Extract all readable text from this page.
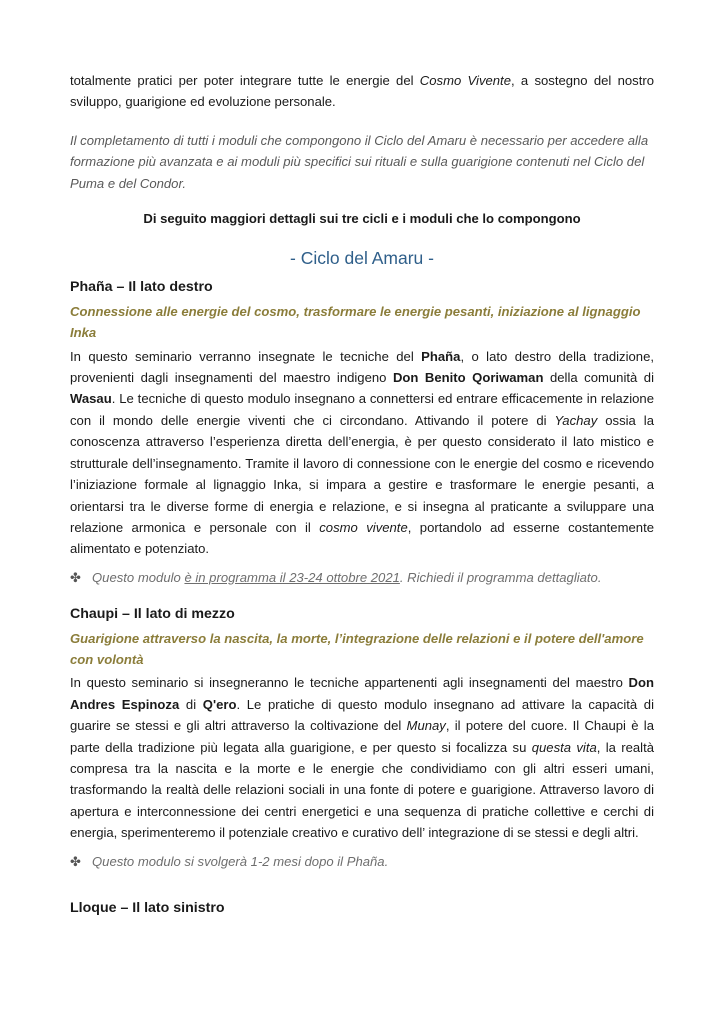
totalmente pratici per poter integrare tutte le energie del Cosmo Vivente, a sostegno del nostro sviluppo, guarigione ed evoluzione personale.

Il completamento di tutti i moduli che compongono il Ciclo del Amaru è necessario per accedere alla formazione più avanzata e ai moduli più specifici sui rituali e sulla guarigione contenuti nel Ciclo del Puma e del Condor.

Di seguito maggiori dettagli sui tre cicli e i moduli che lo compongono

- Ciclo del Amaru -

Phaña – Il lato destro

Connessione alle energie del cosmo, trasformare le energie pesanti, iniziazione al lignaggio Inka

In questo seminario verranno insegnate le tecniche del Phaña, o lato destro della tradizione, provenienti dagli insegnamenti del maestro indigeno Don Benito Qoriwaman della comunità di Wasau. Le tecniche di questo modulo insegnano a connettersi ed entrare efficacemente in relazione con il mondo delle energie viventi che ci circondano. Attivando il potere di Yachay ossia la conoscenza attraverso l’esperienza diretta dell’energia, è per questo considerato il lato mistico e strutturale dell’insegnamento. Tramite il lavoro di connessione con le energie del cosmo e ricevendo l’iniziazione formale al lignaggio Inka, si impara a gestire e trasformare le energie pesanti, a orientarsi tra le diverse forme di energia e relazione, e si insegna al praticante a sviluppare una relazione armonica e personale con il cosmo vivente, portandolo ad esserne costantemente alimentato e potenziato.

✤ Questo modulo è in programma il 23-24 ottobre 2021. Richiedi il programma dettagliato.

Chaupi – Il lato di mezzo

Guarigione attraverso la nascita, la morte, l’integrazione delle relazioni e il potere dell'amore con volontà

In questo seminario si insegneranno le tecniche appartenenti agli insegnamenti del maestro Don Andres Espinoza di Q'ero. Le pratiche di questo modulo insegnano ad attivare la capacità di guarire se stessi e gli altri attraverso la coltivazione del Munay, il potere del cuore. Il Chaupi è la parte della tradizione più legata alla guarigione, e per questo si focalizza su questa vita, la realtà compresa tra la nascita e la morte e le energie che condividiamo con gli altri esseri umani, trasformando la realtà delle relazioni sociali in una fonte di potere e guarigione. Attraverso lavoro di apertura e interconnessione dei centri energetici e una sequenza di pratiche collettive e cerchi di energia, sperimenteremo il potenziale creativo e curativo dell’ integrazione di se stessi e degli altri.

✤ Questo modulo si svolgerà 1-2 mesi dopo il Phaña.

Lloque – Il lato sinistro
